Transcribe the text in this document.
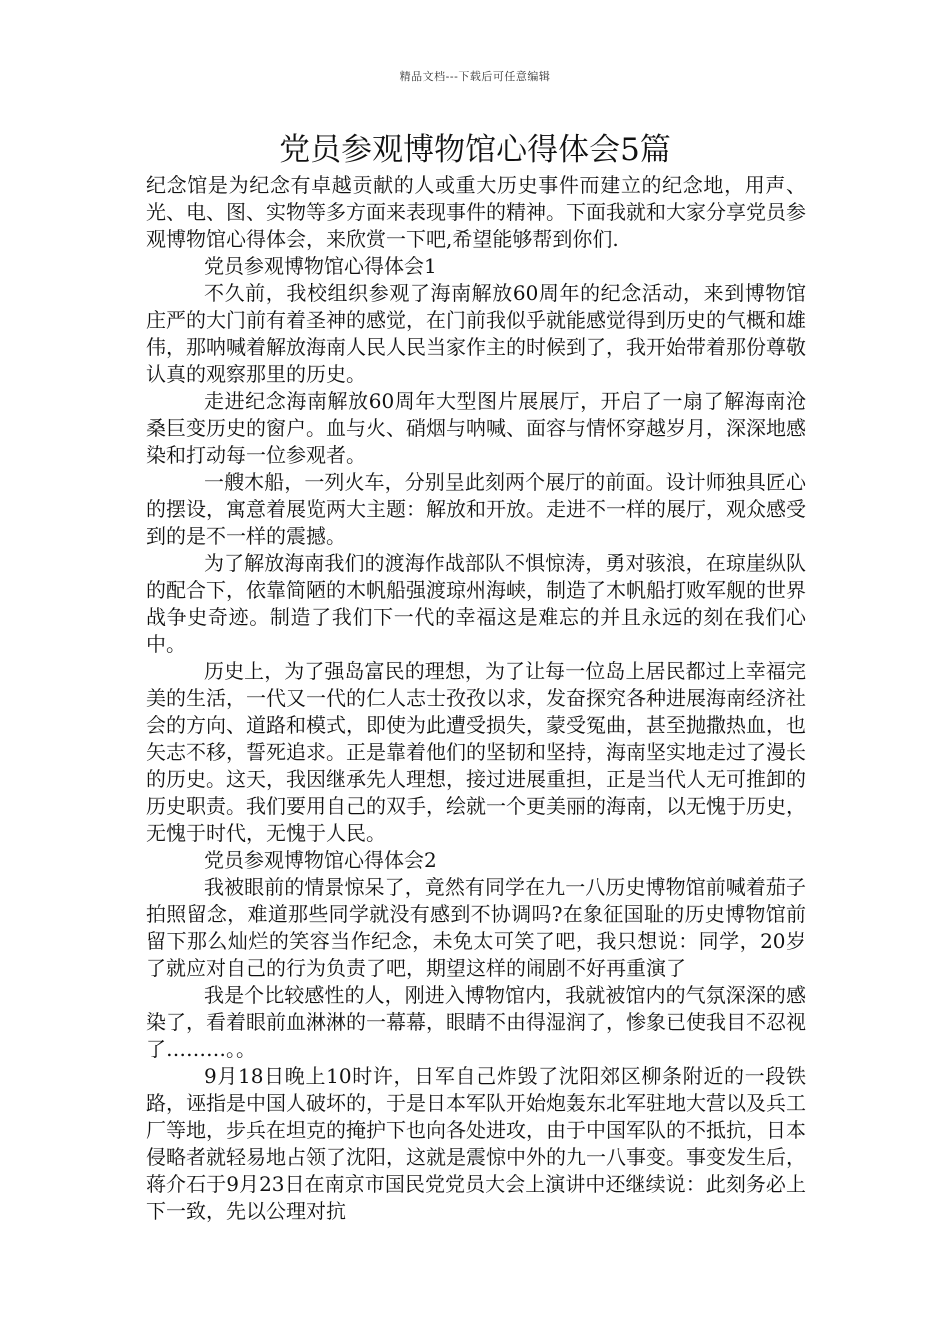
精品文档---下载后可任意编辑
党员参观博物馆心得体会5篇

纪念馆是为纪念有卓越贡献的人或重大历史事件而建立的纪念地，用声、光、电、图、实物等多方面来表现事件的精神。下面我就和大家分享党员参观博物馆心得体会，来欣赏一下吧,希望能够帮到你们.

党员参观博物馆心得体会1

不久前，我校组织参观了海南解放60周年的纪念活动，来到博物馆庄严的大门前有着圣神的感觉，在门前我似乎就能感觉得到历史的气概和雄伟，那呐喊着解放海南人民人民当家作主的时候到了，我开始带着那份尊敬认真的观察那里的历史。

走进纪念海南解放60周年大型图片展展厅，开启了一扇了解海南沧桑巨变历史的窗户。血与火、硝烟与呐喊、面容与情怀穿越岁月，深深地感染和打动每一位参观者。

一艘木船，一列火车，分别呈此刻两个展厅的前面。设计师独具匠心的摆设，寓意着展览两大主题：解放和开放。走进不一样的展厅，观众感受到的是不一样的震撼。

为了解放海南我们的渡海作战部队不惧惊涛，勇对骇浪，在琼崖纵队的配合下，依靠简陋的木帆船强渡琼州海峡，制造了木帆船打败军舰的世界战争史奇迹。制造了我们下一代的幸福这是难忘的并且永远的刻在我们心中。

历史上，为了强岛富民的理想，为了让每一位岛上居民都过上幸福完美的生活，一代又一代的仁人志士孜孜以求，发奋探究各种进展海南经济社会的方向、道路和模式，即使为此遭受损失，蒙受冤曲，甚至抛撒热血，也矢志不移，誓死追求。正是靠着他们的坚韧和坚持，海南坚实地走过了漫长的历史。这天，我因继承先人理想，接过进展重担，正是当代人无可推卸的历史职责。我们要用自己的双手，绘就一个更美丽的海南，以无愧于历史，无愧于时代，无愧于人民。

党员参观博物馆心得体会2

我被眼前的情景惊呆了，竟然有同学在九一八历史博物馆前喊着茄子拍照留念，难道那些同学就没有感到不协调吗?在象征国耻的历史博物馆前留下那么灿烂的笑容当作纪念，未免太可笑了吧，我只想说：同学，20岁了就应对自己的行为负责了吧，期望这样的闹剧不好再重演了

我是个比较感性的人，刚进入博物馆内，我就被馆内的气氛深深的感染了，看着眼前血淋淋的一幕幕，眼睛不由得湿润了，惨象已使我目不忍视了………。。

9月18日晚上10时许，日军自己炸毁了沈阳郊区柳条附近的一段铁路，诬指是中国人破坏的，于是日本军队开始炮轰东北军驻地大营以及兵工厂等地，步兵在坦克的掩护下也向各处进攻，由于中国军队的不抵抗，日本侵略者就轻易地占领了沈阳，这就是震惊中外的九一八事变。事变发生后，蒋介石于9月23日在南京市国民党党员大会上演讲中还继续说：此刻务必上下一致，先以公理对抗
